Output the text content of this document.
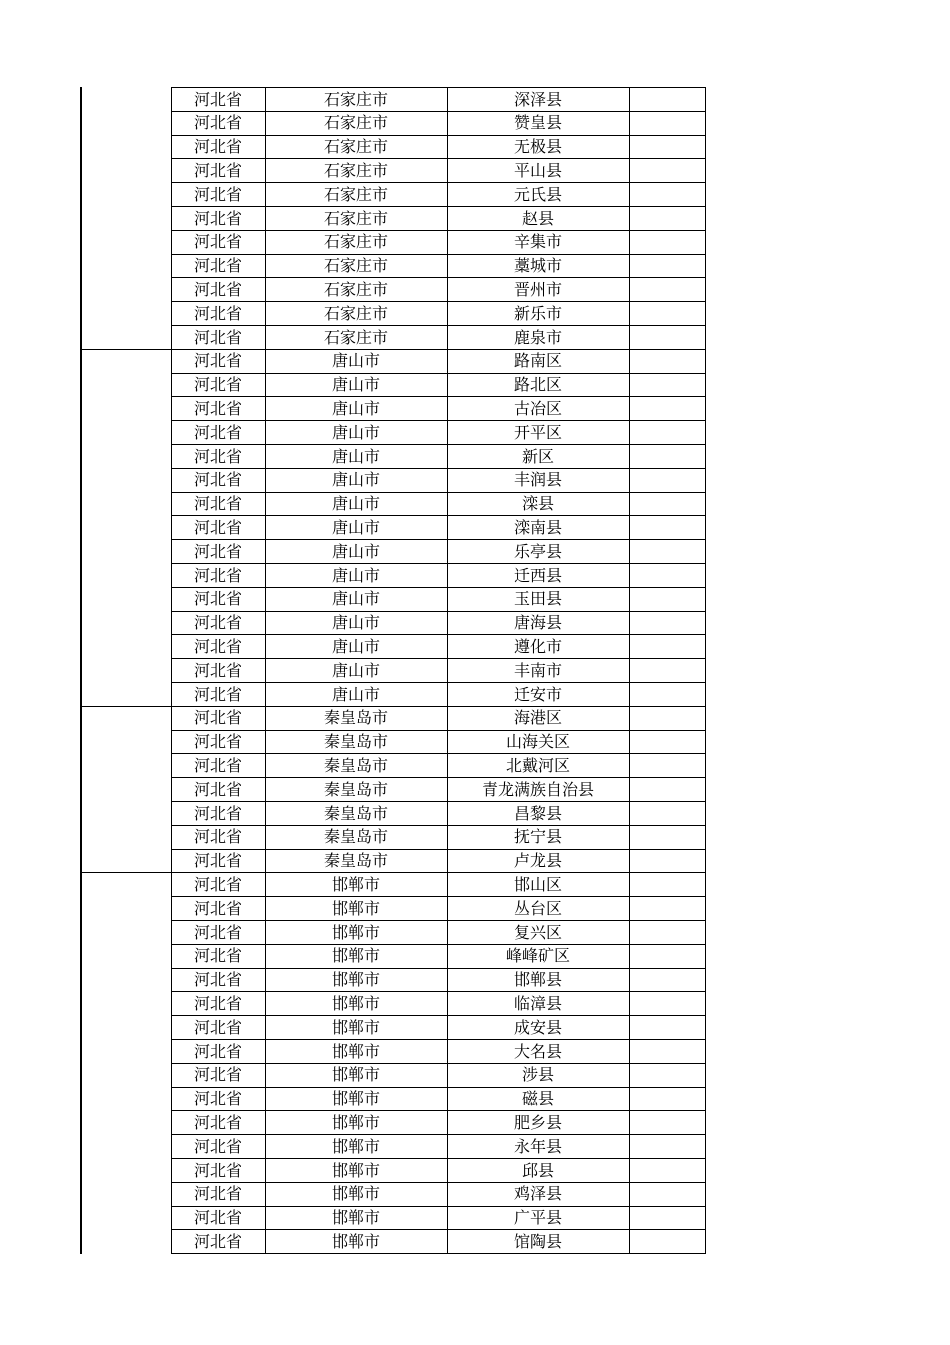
河北省	石家庄市	深泽县
河北省	石家庄市	赞皇县
河北省	石家庄市	无极县
河北省	石家庄市	平山县
河北省	石家庄市	元氏县
河北省	石家庄市	赵县
河北省	石家庄市	辛集市
河北省	石家庄市	藁城市
河北省	石家庄市	晋州市
河北省	石家庄市	新乐市
河北省	石家庄市	鹿泉市
河北省	唐山市	路南区
河北省	唐山市	路北区
河北省	唐山市	古冶区
河北省	唐山市	开平区
河北省	唐山市	新区
河北省	唐山市	丰润县
河北省	唐山市	滦县
河北省	唐山市	滦南县
河北省	唐山市	乐亭县
河北省	唐山市	迁西县
河北省	唐山市	玉田县
河北省	唐山市	唐海县
河北省	唐山市	遵化市
河北省	唐山市	丰南市
河北省	唐山市	迁安市
河北省	秦皇岛市	海港区
河北省	秦皇岛市	山海关区
河北省	秦皇岛市	北戴河区
河北省	秦皇岛市	青龙满族自治县
河北省	秦皇岛市	昌黎县
河北省	秦皇岛市	抚宁县
河北省	秦皇岛市	卢龙县
河北省	邯郸市	邯山区
河北省	邯郸市	丛台区
河北省	邯郸市	复兴区
河北省	邯郸市	峰峰矿区
河北省	邯郸市	邯郸县
河北省	邯郸市	临漳县
河北省	邯郸市	成安县
河北省	邯郸市	大名县
河北省	邯郸市	涉县
河北省	邯郸市	磁县
河北省	邯郸市	肥乡县
河北省	邯郸市	永年县
河北省	邯郸市	邱县
河北省	邯郸市	鸡泽县
河北省	邯郸市	广平县
河北省	邯郸市	馆陶县
